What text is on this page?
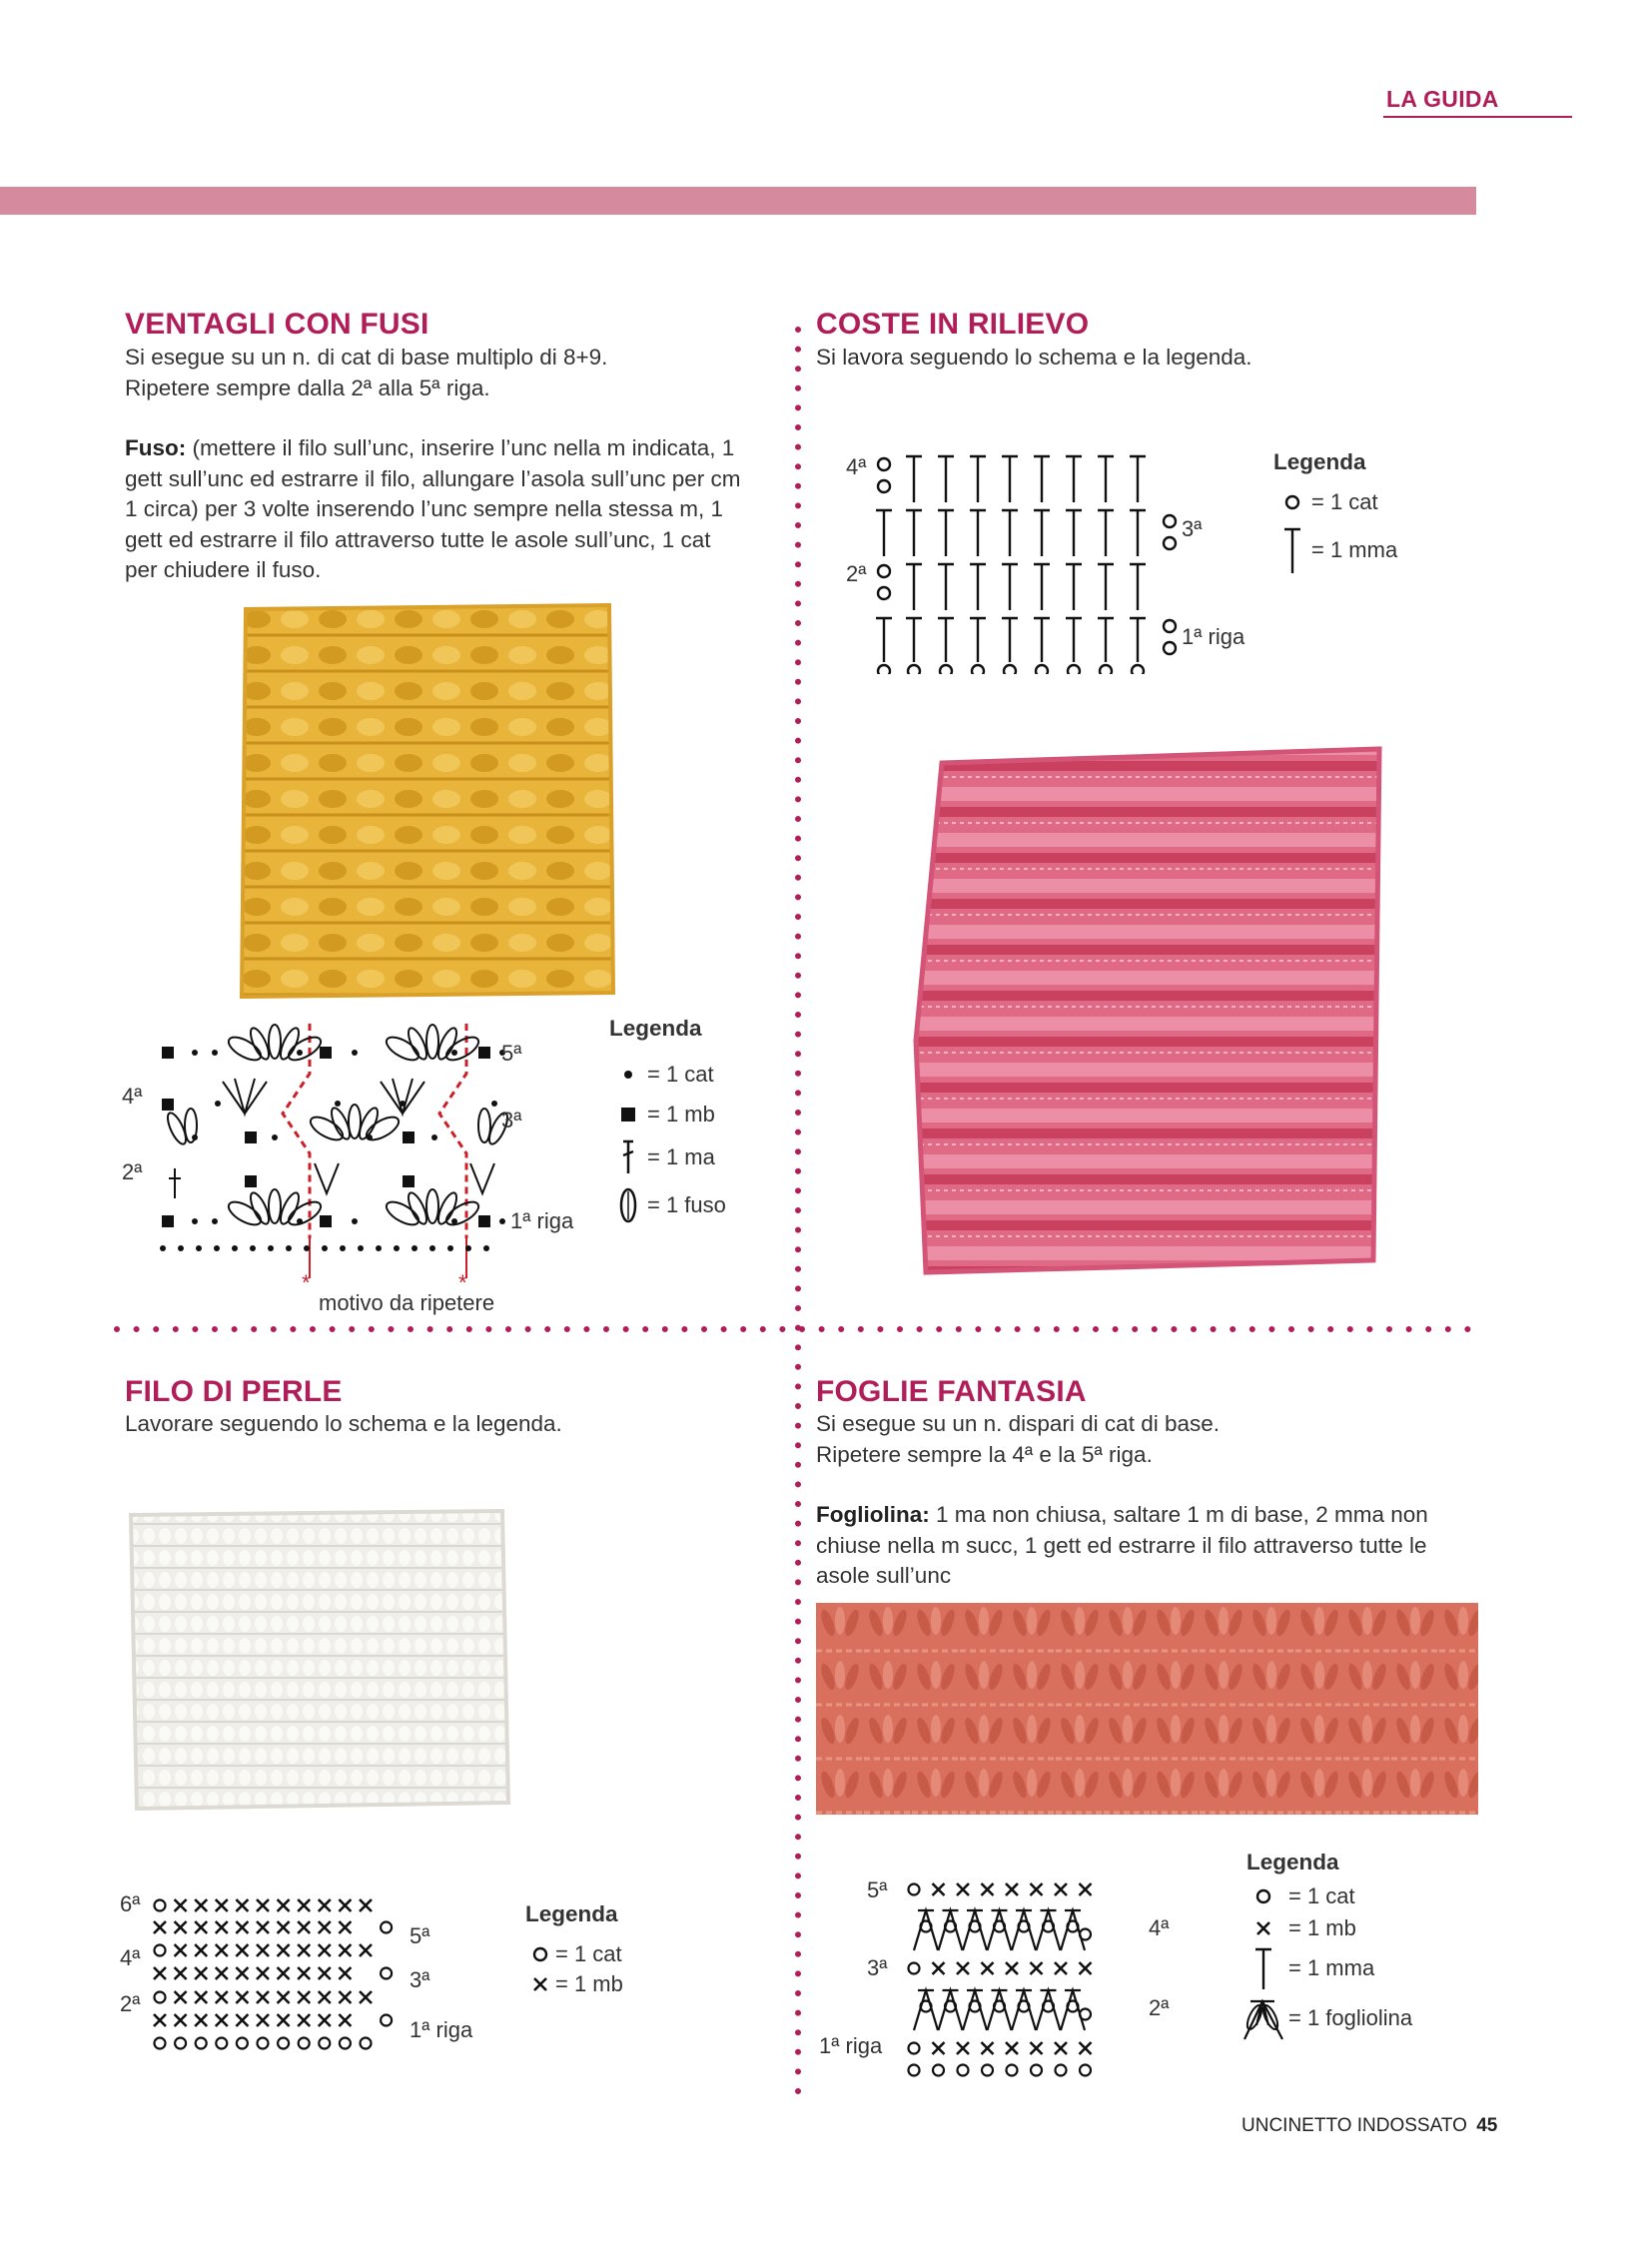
LA GUIDA
VENTAGLI CON FUSI
Si esegue su un n. di cat di base multiplo di 8+9.
Ripetere sempre dalla 2ª alla 5ª riga.
Fuso: (mettere il filo sull’unc, inserire l’unc nella m indicata, 1
gett sull’unc ed estrarre il filo, allungare l’asola sull’unc per cm
1 circa) per 3 volte inserendo l’unc sempre nella stessa m, 1
gett ed estrarre il filo attraverso tutte le asole sull’unc, 1 cat
per chiudere il fuso.
*	*
5ª
4ª
3ª
2ª
1ª riga
motivo da ripetere
Legenda
= 1 cat
= 1 mb
= 1 ma
= 1 fuso
COSTE IN RILIEVO
Si lavora seguendo lo schema e la legenda.
4ª
3ª
2ª
1ª riga
Legenda
= 1 cat
= 1 mma
FILO DI PERLE
Lavorare seguendo lo schema e la legenda.
6ª
5ª
4ª
3ª
2ª
1ª riga
Legenda
= 1 cat
= 1 mb
FOGLIE FANTASIA
Si esegue su un n. dispari di cat di base.
Ripetere sempre la 4ª e la 5ª riga.
Fogliolina: 1 ma non chiusa, saltare 1 m di base, 2 mma non
chiuse nella m succ, 1 gett ed estrarre il filo attraverso tutte le
asole sull’unc
5ª
4ª
3ª
2ª
1ª riga
Legenda
= 1 cat
= 1 mb
= 1 mma
= 1 fogliolina
UNCINETTO INDOSSATO 45
